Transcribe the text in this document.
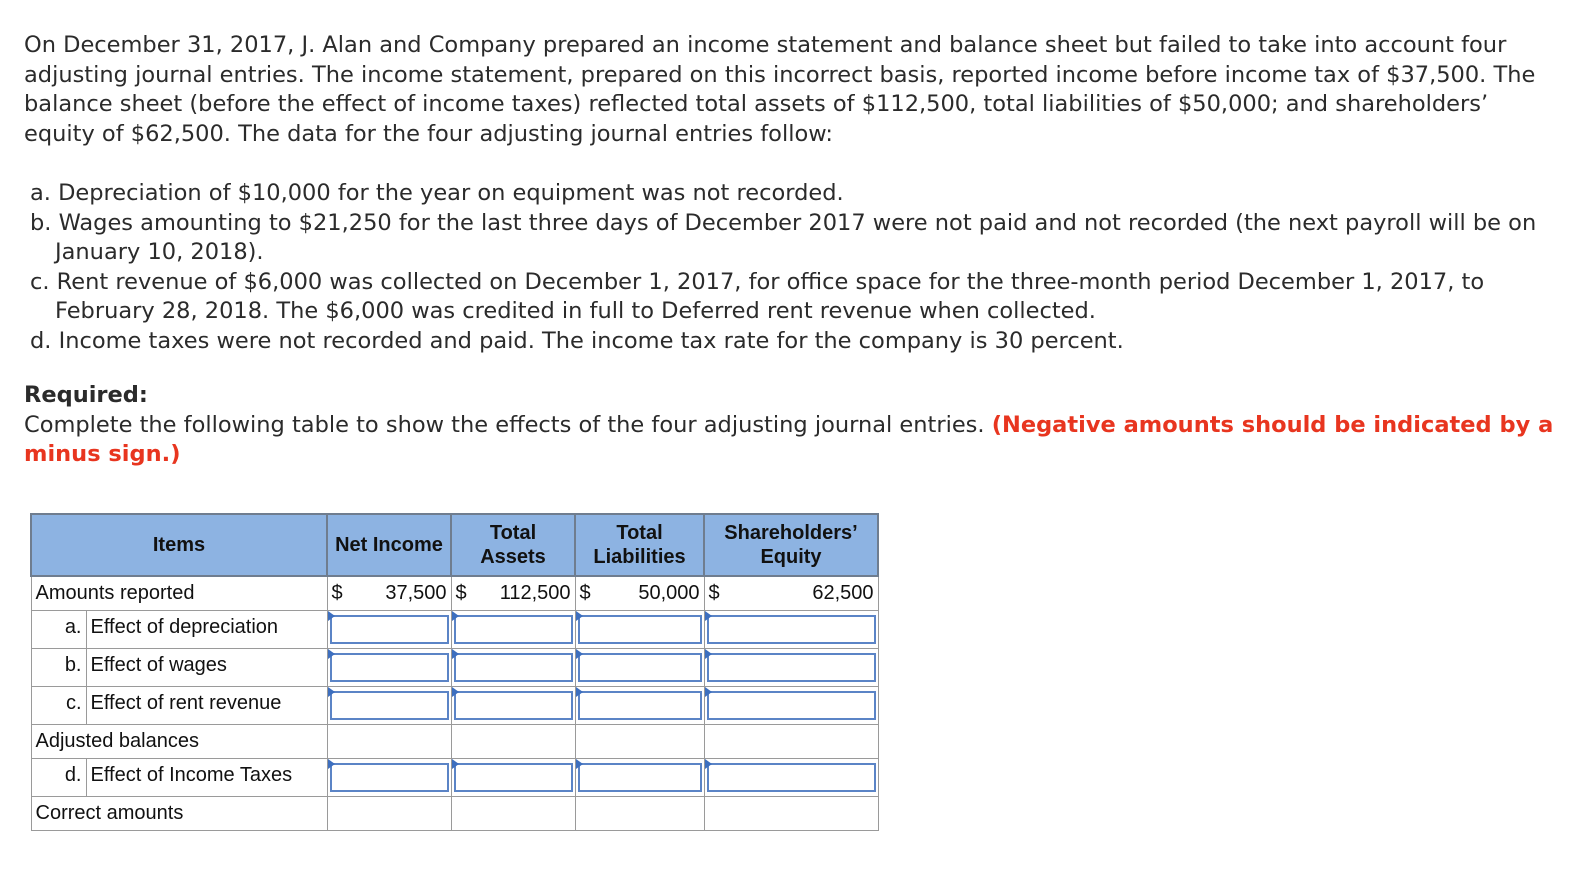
On December 31, 2017, J. Alan and Company prepared an income statement and balance sheet but failed to take into account four adjusting journal entries. The income statement, prepared on this incorrect basis, reported income before income tax of $37,500. The balance sheet (before the effect of income taxes) reflected total assets of $112,500, total liabilities of $50,000; and shareholders’ equity of $62,500. The data for the four adjusting journal entries follow:

a. Depreciation of $10,000 for the year on equipment was not recorded.
b. Wages amounting to $21,250 for the last three days of December 2017 were not paid and not recorded (the next payroll will be on January 10, 2018).
c. Rent revenue of $6,000 was collected on December 1, 2017, for office space for the three-month period December 1, 2017, to February 28, 2018. The $6,000 was credited in full to Deferred rent revenue when collected.
d. Income taxes were not recorded and paid. The income tax rate for the company is 30 percent.

Required:
Complete the following table to show the effects of the four adjusting journal entries. (Negative amounts should be indicated by a minus sign.)

Items	Net Income	Total Assets	Total Liabilities	Shareholders’ Equity
Amounts reported	$ 37,500	$ 112,500	$ 50,000	$ 62,500

a. Effect of depreciation				

b. Effect of wages				

c. Effect of rent revenue				

Adjusted balances				

d. Effect of Income Taxes				

Correct amounts				
